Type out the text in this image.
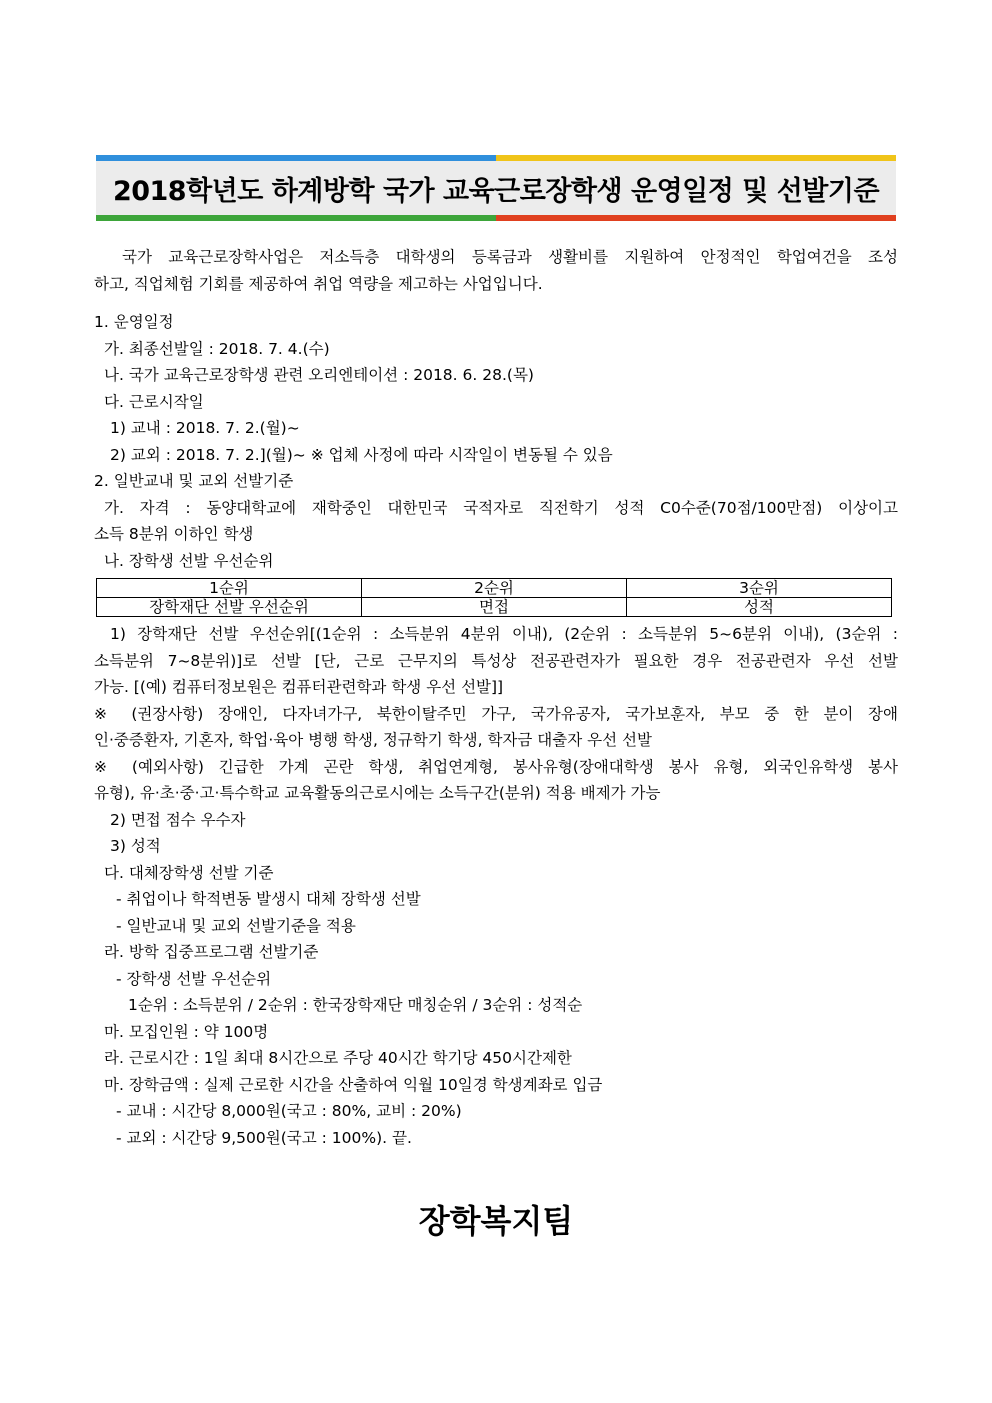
2018학년도 하계방학 국가 교육근로장학생 운영일정 및 선발기준

국가 교육근로장학사업은 저소득층 대학생의 등록금과 생활비를 지원하여 안정적인 학업여건을 조성

하고, 직업체험 기회를 제공하여 취업 역량을 제고하는 사업입니다.

1. 운영일정

가. 최종선발일 : 2018. 7. 4.(수)

나. 국가 교육근로장학생 관련 오리엔테이션 : 2018. 6. 28.(목)

다. 근로시작일

1) 교내 : 2018. 7. 2.(월)~

2) 교외 : 2018. 7. 2.](월)~ ※ 업체 사정에 따라 시작일이 변동될 수 있음

2. 일반교내 및 교외 선발기준

가. 자격 : 동양대학교에 재학중인 대한민국 국적자로 직전학기 성적 C0수준(70점/100만점) 이상이고

소득 8분위 이하인 학생

나. 장학생 선발 우선순위

1순위	2순위	3순위
장학재단 선발 우선순위	면접	성적

1) 장학재단 선발 우선순위[(1순위 : 소득분위 4분위 이내), (2순위 : 소득분위 5~6분위 이내), (3순위 :

소득분위 7~8분위)]로 선발 [단, 근로 근무지의 특성상 전공관련자가 필요한 경우 전공관련자 우선 선발

가능. [(예) 컴퓨터정보원은 컴퓨터관련학과 학생 우선 선발]]

※ (권장사항) 장애인, 다자녀가구, 북한이탈주민 가구, 국가유공자, 국가보훈자, 부모 중 한 분이 장애

인·중증환자, 기혼자, 학업·육아 병행 학생, 정규학기 학생, 학자금 대출자 우선 선발

※ (예외사항) 긴급한 가계 곤란 학생, 취업연계형, 봉사유형(장애대학생 봉사 유형, 외국인유학생 봉사

유형), 유·초·중·고·특수학교 교육활동의근로시에는 소득구간(분위) 적용 배제가 가능

2) 면접 점수 우수자

3) 성적

다. 대체장학생 선발 기준

- 취업이나 학적변동 발생시 대체 장학생 선발

- 일반교내 및 교외 선발기준을 적용

라. 방학 집중프로그램 선발기준

- 장학생 선발 우선순위

1순위 : 소득분위 / 2순위 : 한국장학재단 매칭순위 / 3순위 : 성적순

마. 모집인원 : 약 100명

라. 근로시간 : 1일 최대 8시간으로 주당 40시간 학기당 450시간제한

마. 장학금액 : 실제 근로한 시간을 산출하여 익월 10일경 학생계좌로 입금

- 교내 : 시간당 8,000원(국고 : 80%, 교비 : 20%)

- 교외 : 시간당 9,500원(국고 : 100%). 끝.

장학복지팀
